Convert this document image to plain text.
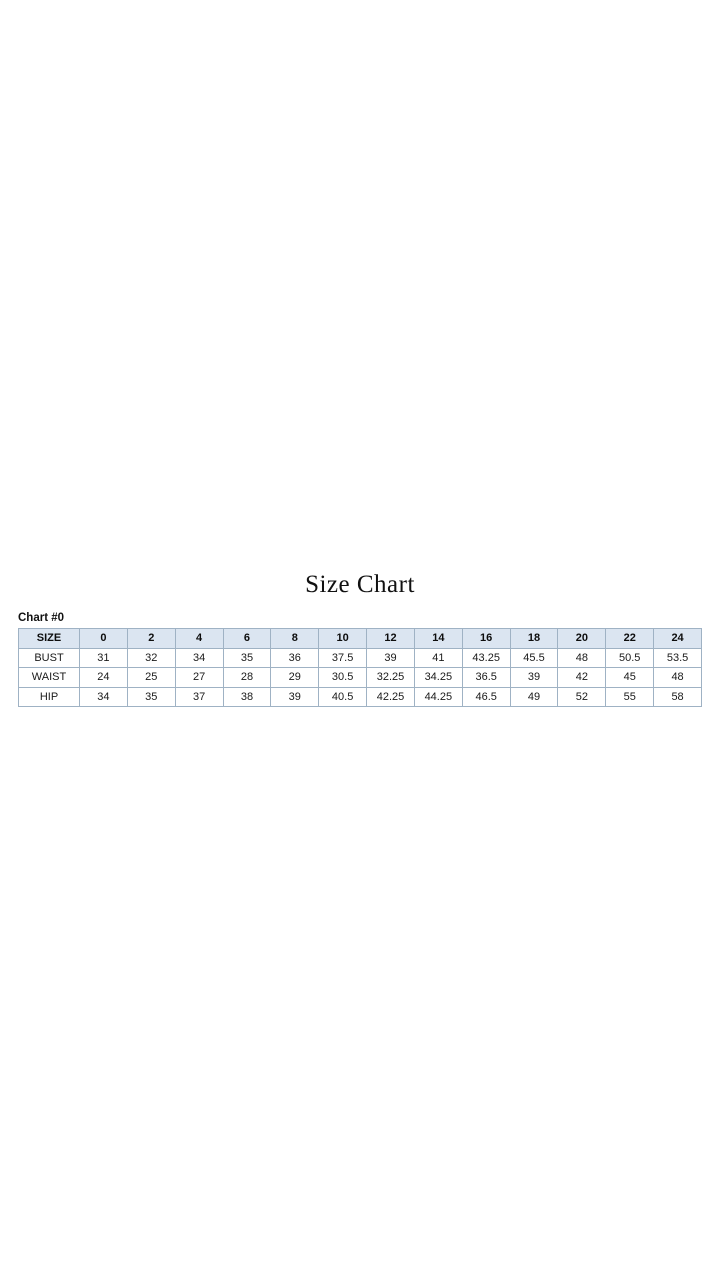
Size Chart
Chart #0
SIZE	0	2	4	6	8	10	12	14	16	18	20	22	24
BUST	31	32	34	35	36	37.5	39	41	43.25	45.5	48	50.5	53.5
WAIST	24	25	27	28	29	30.5	32.25	34.25	36.5	39	42	45	48
HIP	34	35	37	38	39	40.5	42.25	44.25	46.5	49	52	55	58
